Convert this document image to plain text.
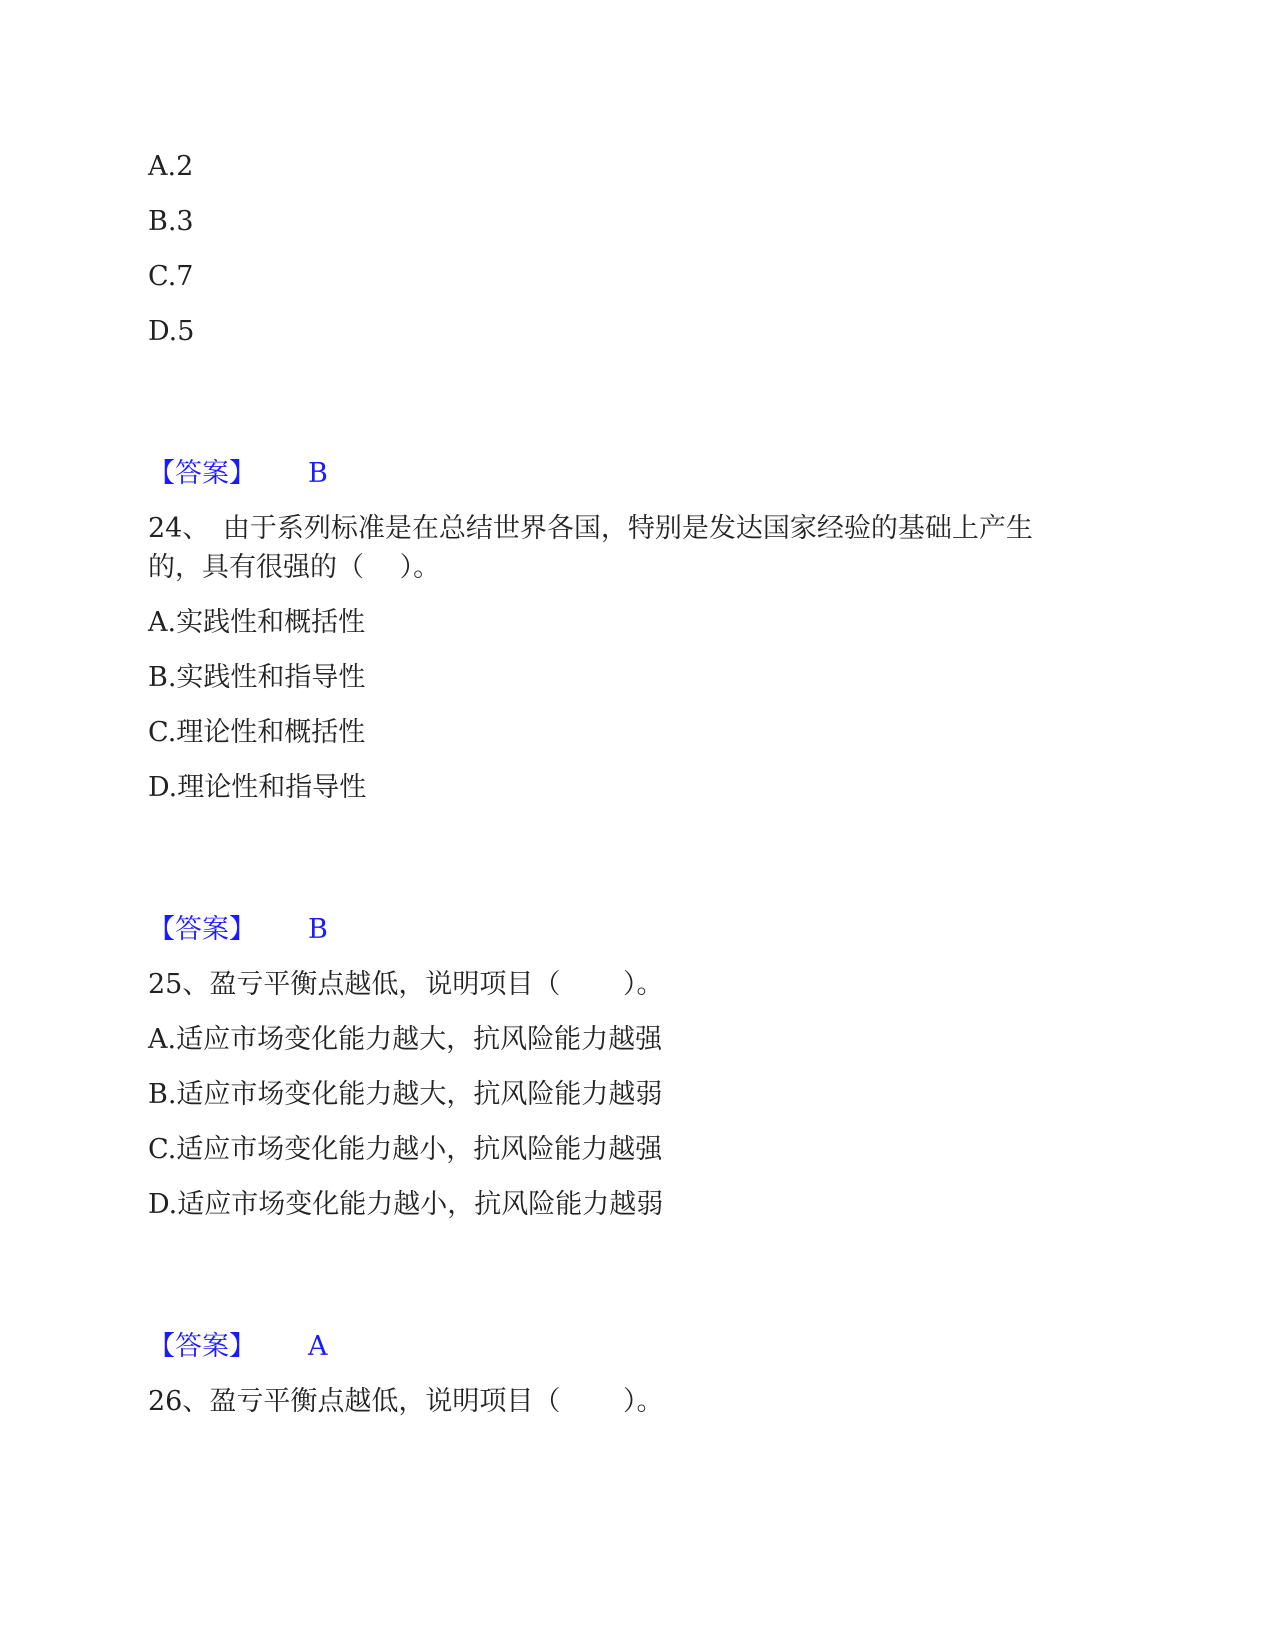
A.2
B.3
C.7
D.5
【答案】 B
24、　由于系列标准是在总结世界各国，特别是发达国家经验的基础上产生
的，具有很强的（　 ）。
A.实践性和概括性
B.实践性和指导性
C.理论性和概括性
D.理论性和指导性
【答案】 B
25、盈亏平衡点越低，说明项目（　　 ）。
A.适应市场变化能力越大，抗风险能力越强
B.适应市场变化能力越大，抗风险能力越弱
C.适应市场变化能力越小，抗风险能力越强
D.适应市场变化能力越小，抗风险能力越弱
【答案】 A
26、盈亏平衡点越低，说明项目（　　 ）。
